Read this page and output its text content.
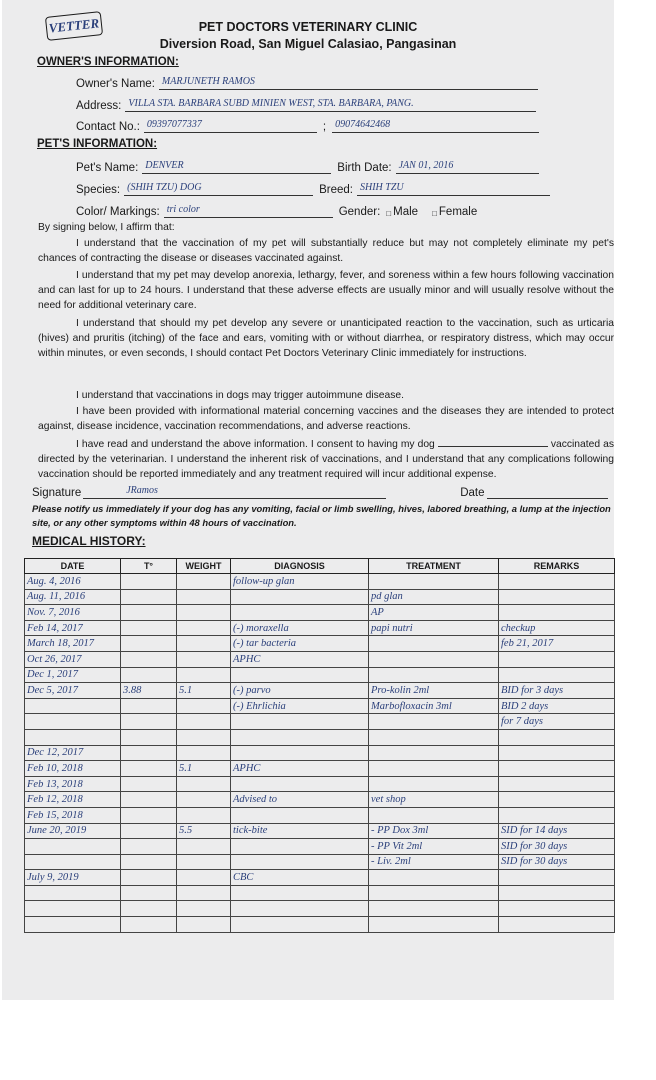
VETTER	PET DOCTORS VETERINARY CLINIC
Diversion Road, San Miguel Calasiao, Pangasinan
OWNER'S INFORMATION:
Owner's Name: MARJUNETH RAMOS
Address: VILLA STA. BARBARA SUBD MINIEN WEST, STA. BARBARA, PANG.
Contact No.: 09397077337	; 09074642468
PET'S INFORMATION:
Pet's Name: DENVER	Birth Date: JAN 01, 2016
Species: (SHIH TZU) DOG	Breed: SHIH TZU
Color/ Markings: tri color	Gender: □ Male □ Female
By signing below, I affirm that:
I understand that the vaccination of my pet will substantially reduce but may not completely eliminate my pet's chances of contracting the disease or diseases vaccinated against.
I understand that my pet may develop anorexia, lethargy, fever, and soreness within a few hours following vaccination and can last for up to 24 hours. I understand that these adverse effects are usually minor and will usually resolve without the need for additional veterinary care.
I understand that should my pet develop any severe or unanticipated reaction to the vaccination, such as urticaria (hives) and pruritis (itching) of the face and ears, vomiting with or without diarrhea, or respiratory distress, which may occur within minutes, or even seconds, I should contact Pet Doctors Veterinary Clinic immediately for instructions.
I understand that vaccinations in dogs may trigger autoimmune disease.
I have been provided with informational material concerning vaccines and the diseases they are intended to protect against, disease incidence, vaccination recommendations, and adverse reactions.
I have read and understand the above information. I consent to having my dog	vaccinated as directed by the veterinarian. I understand the inherent risk of vaccinations, and I understand that any complications following vaccination should be reported immediately and any treatment required will incur additional expense.
Signature	JRamos	Date
Please notify us immediately if your dog has any vomiting, facial or limb swelling, hives, labored breathing, a lump at the injection site, or any other symptoms within 48 hours of vaccination.
MEDICAL HISTORY:
DATE	T°	WEIGHT	DIAGNOSIS	TREATMENT	REMARKS
Aug. 4, 2016			follow-up glan		
Aug. 11, 2016				pd glan	
Nov. 7, 2016				AP	
Feb 14, 2017			(-) moraxella	papi nutri	checkup
March 18, 2017			(-) tar bacteria		feb 21, 2017
Oct 26, 2017			APHC		
Dec 1, 2017					
Dec 5, 2017	3.88	5.1	(-) parvo	Pro-kolin 2ml	BID for 3 days
			(-) Ehrlichia	Marbofloxacin 3ml	BID 2 days
					for 7 days

Dec 12, 2017					
Feb 10, 2018		5.1	APHC		
Feb 13, 2018					
Feb 12, 2018			Advised to	vet shop	
Feb 15, 2018					
June 20, 2019		5.5	tick-bite	- PP Dox 3ml	SID for 14 days
				- PP Vit 2ml	SID for 30 days
				- Liv. 2ml	SID for 30 days
July 9, 2019			CBC		
